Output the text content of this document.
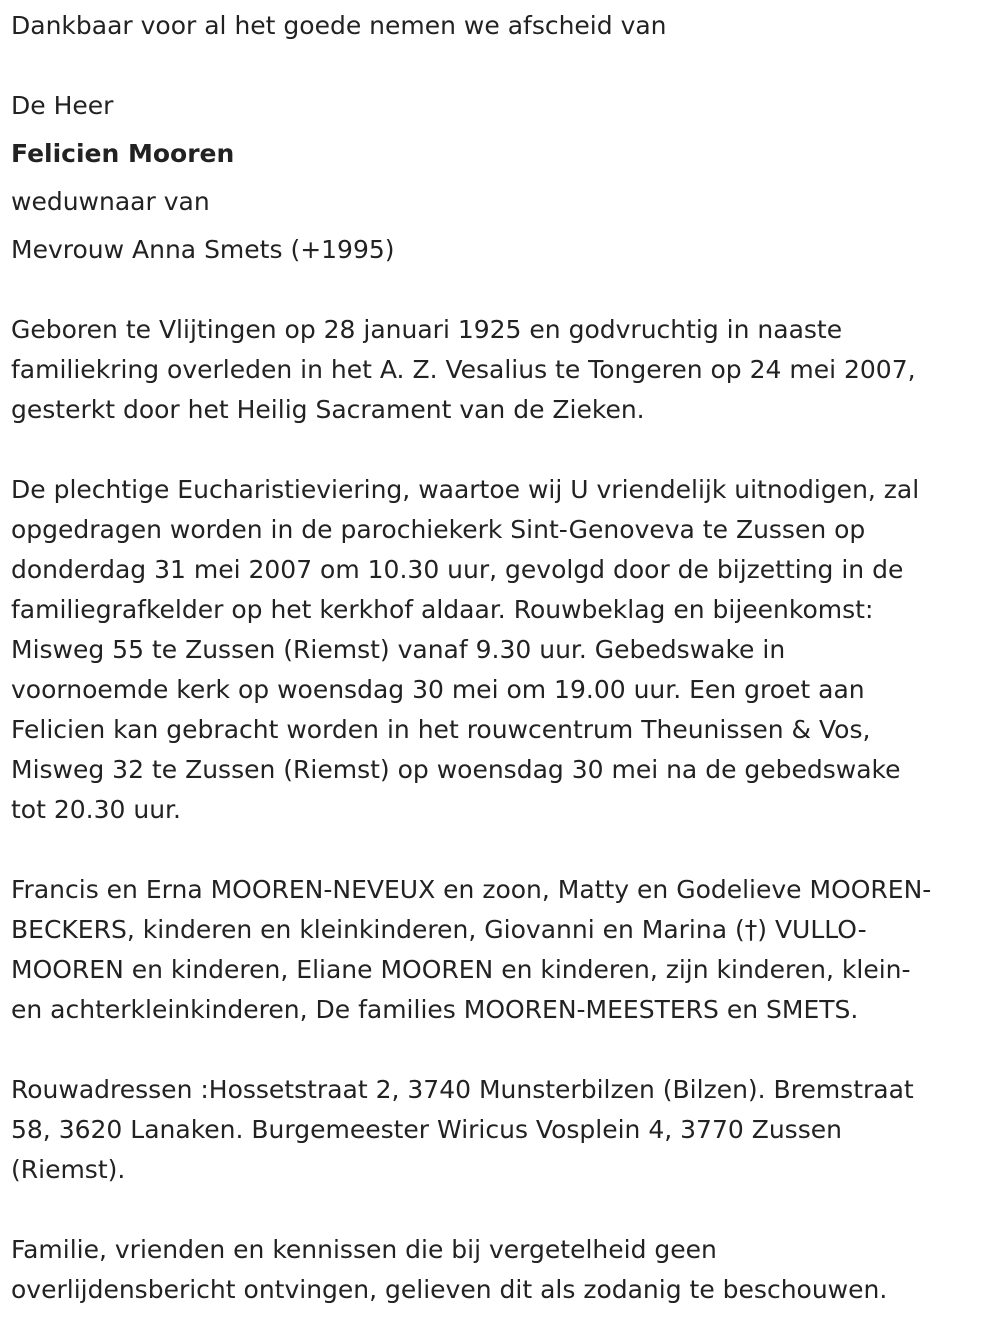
Dankbaar voor al het goede nemen we afscheid van
De Heer
Felicien Mooren
weduwnaar van
Mevrouw Anna Smets (+1995)
Geboren te Vlijtingen op 28 januari 1925 en godvruchtig in naaste
familiekring overleden in het A. Z. Vesalius te Tongeren op 24 mei 2007,
gesterkt door het Heilig Sacrament van de Zieken.
De plechtige Eucharistieviering, waartoe wij U vriendelijk uitnodigen, zal
opgedragen worden in de parochiekerk Sint-Genoveva te Zussen op
donderdag 31 mei 2007 om 10.30 uur, gevolgd door de bijzetting in de
familiegrafkelder op het kerkhof aldaar. Rouwbeklag en bijeenkomst:
Misweg 55 te Zussen (Riemst) vanaf 9.30 uur. Gebedswake in
voornoemde kerk op woensdag 30 mei om 19.00 uur. Een groet aan
Felicien kan gebracht worden in het rouwcentrum Theunissen & Vos,
Misweg 32 te Zussen (Riemst) op woensdag 30 mei na de gebedswake
tot 20.30 uur.
Francis en Erna MOOREN-NEVEUX en zoon, Matty en Godelieve MOOREN-
BECKERS, kinderen en kleinkinderen, Giovanni en Marina (†) VULLO-
MOOREN en kinderen, Eliane MOOREN en kinderen, zijn kinderen, klein-
en achterkleinkinderen, De families MOOREN-MEESTERS en SMETS.
Rouwadressen :Hossetstraat 2, 3740 Munsterbilzen (Bilzen). Bremstraat
58, 3620 Lanaken. Burgemeester Wiricus Vosplein 4, 3770 Zussen
(Riemst).
Familie, vrienden en kennissen die bij vergetelheid geen
overlijdensbericht ontvingen, gelieven dit als zodanig te beschouwen.
